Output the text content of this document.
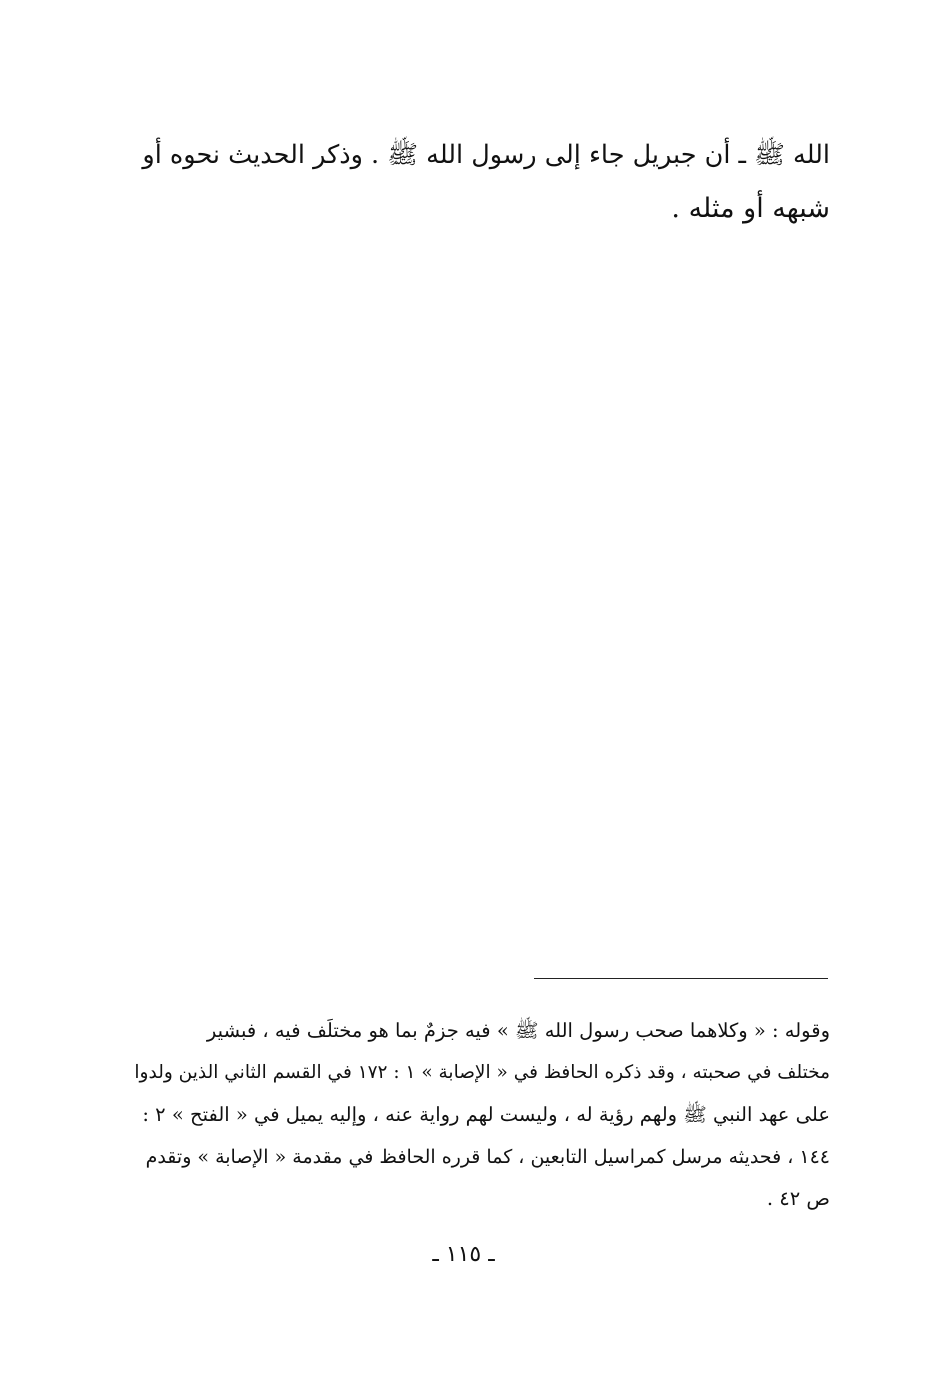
الله ﷺ ـ أن جبريل جاء إلى رسول الله ﷺ . وذكر الحديث نحوه أو
شبهه أو مثله .
وقوله : « وكلاهما صحب رسول الله ﷺ » فيه جزمٌ بما هو مختلَف فيه ، فبشير
مختلف في صحبته ، وقد ذكره الحافظ في « الإصابة » ١ : ١٧٢ في القسم الثاني الذين ولدوا
على عهد النبي ﷺ ولهم رؤية له ، وليست لهم رواية عنه ، وإليه يميل في « الفتح » ٢ :
١٤٤ ، فحديثه مرسل كمراسيل التابعين ، كما قرره الحافظ في مقدمة « الإصابة » وتقدم
ص ٤٢ .
ـ ١١٥ ـ
